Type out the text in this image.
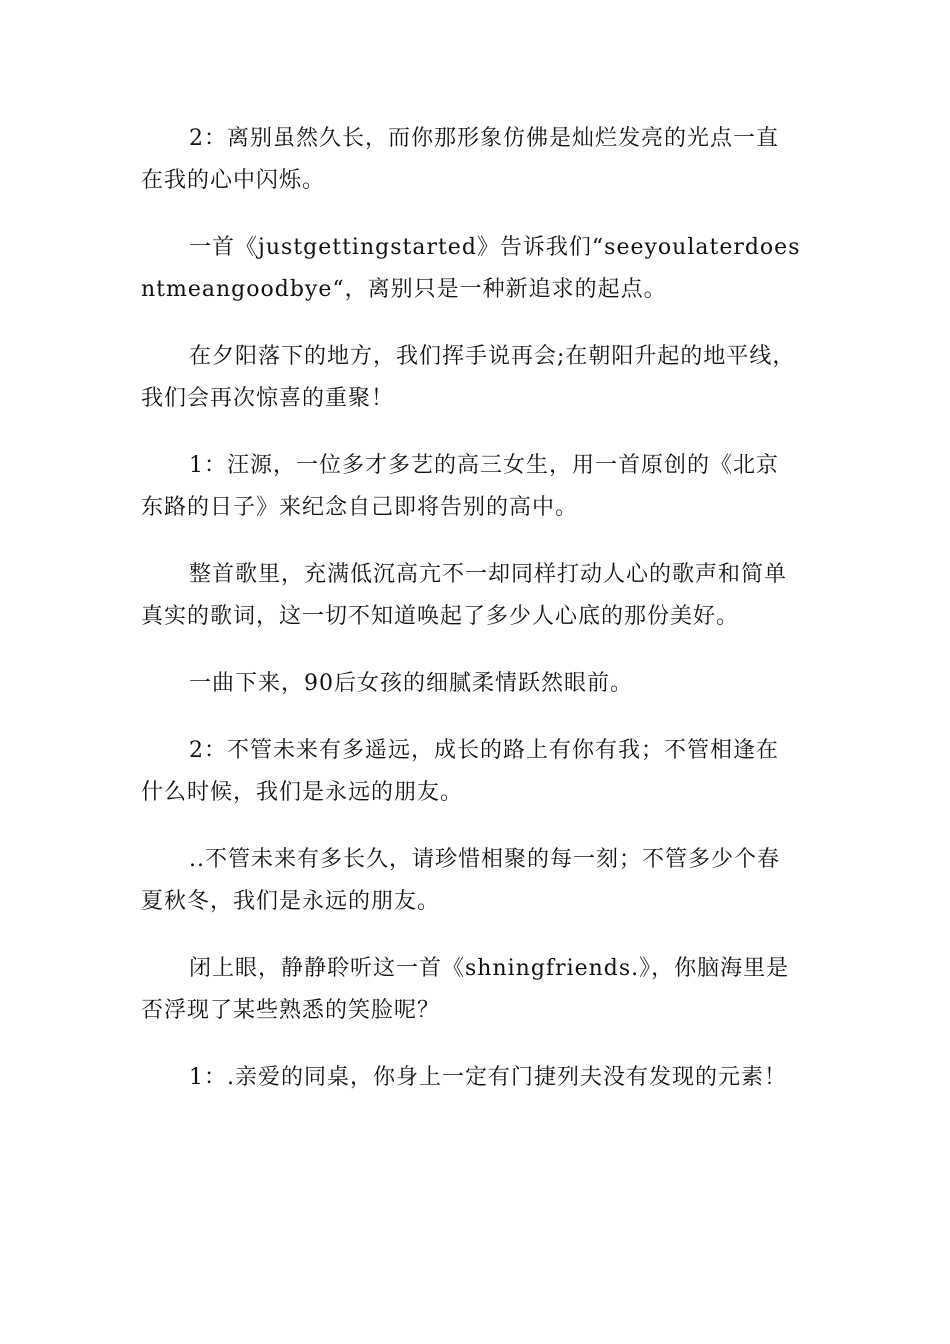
2：离别虽然久长，而你那形象仿佛是灿烂发亮的光点一直在我的心中闪烁。

一首《justgettingstarted》告诉我们“seeyoulaterdoesntmeangoodbye“，离别只是一种新追求的起点。

在夕阳落下的地方，我们挥手说再会;在朝阳升起的地平线，我们会再次惊喜的重聚！

1：汪源，一位多才多艺的高三女生，用一首原创的《北京东路的日子》来纪念自己即将告别的高中。

整首歌里，充满低沉高亢不一却同样打动人心的歌声和简单真实的歌词，这一切不知道唤起了多少人心底的那份美好。

一曲下来，90后女孩的细腻柔情跃然眼前。

2：不管未来有多遥远，成长的路上有你有我；不管相逢在什么时候，我们是永远的朋友。

..不管未来有多长久，请珍惜相聚的每一刻；不管多少个春夏秋冬，我们是永远的朋友。

闭上眼，静静聆听这一首《shningfriends.》，你脑海里是否浮现了某些熟悉的笑脸呢？

1：.亲爱的同桌，你身上一定有门捷列夫没有发现的元素！
